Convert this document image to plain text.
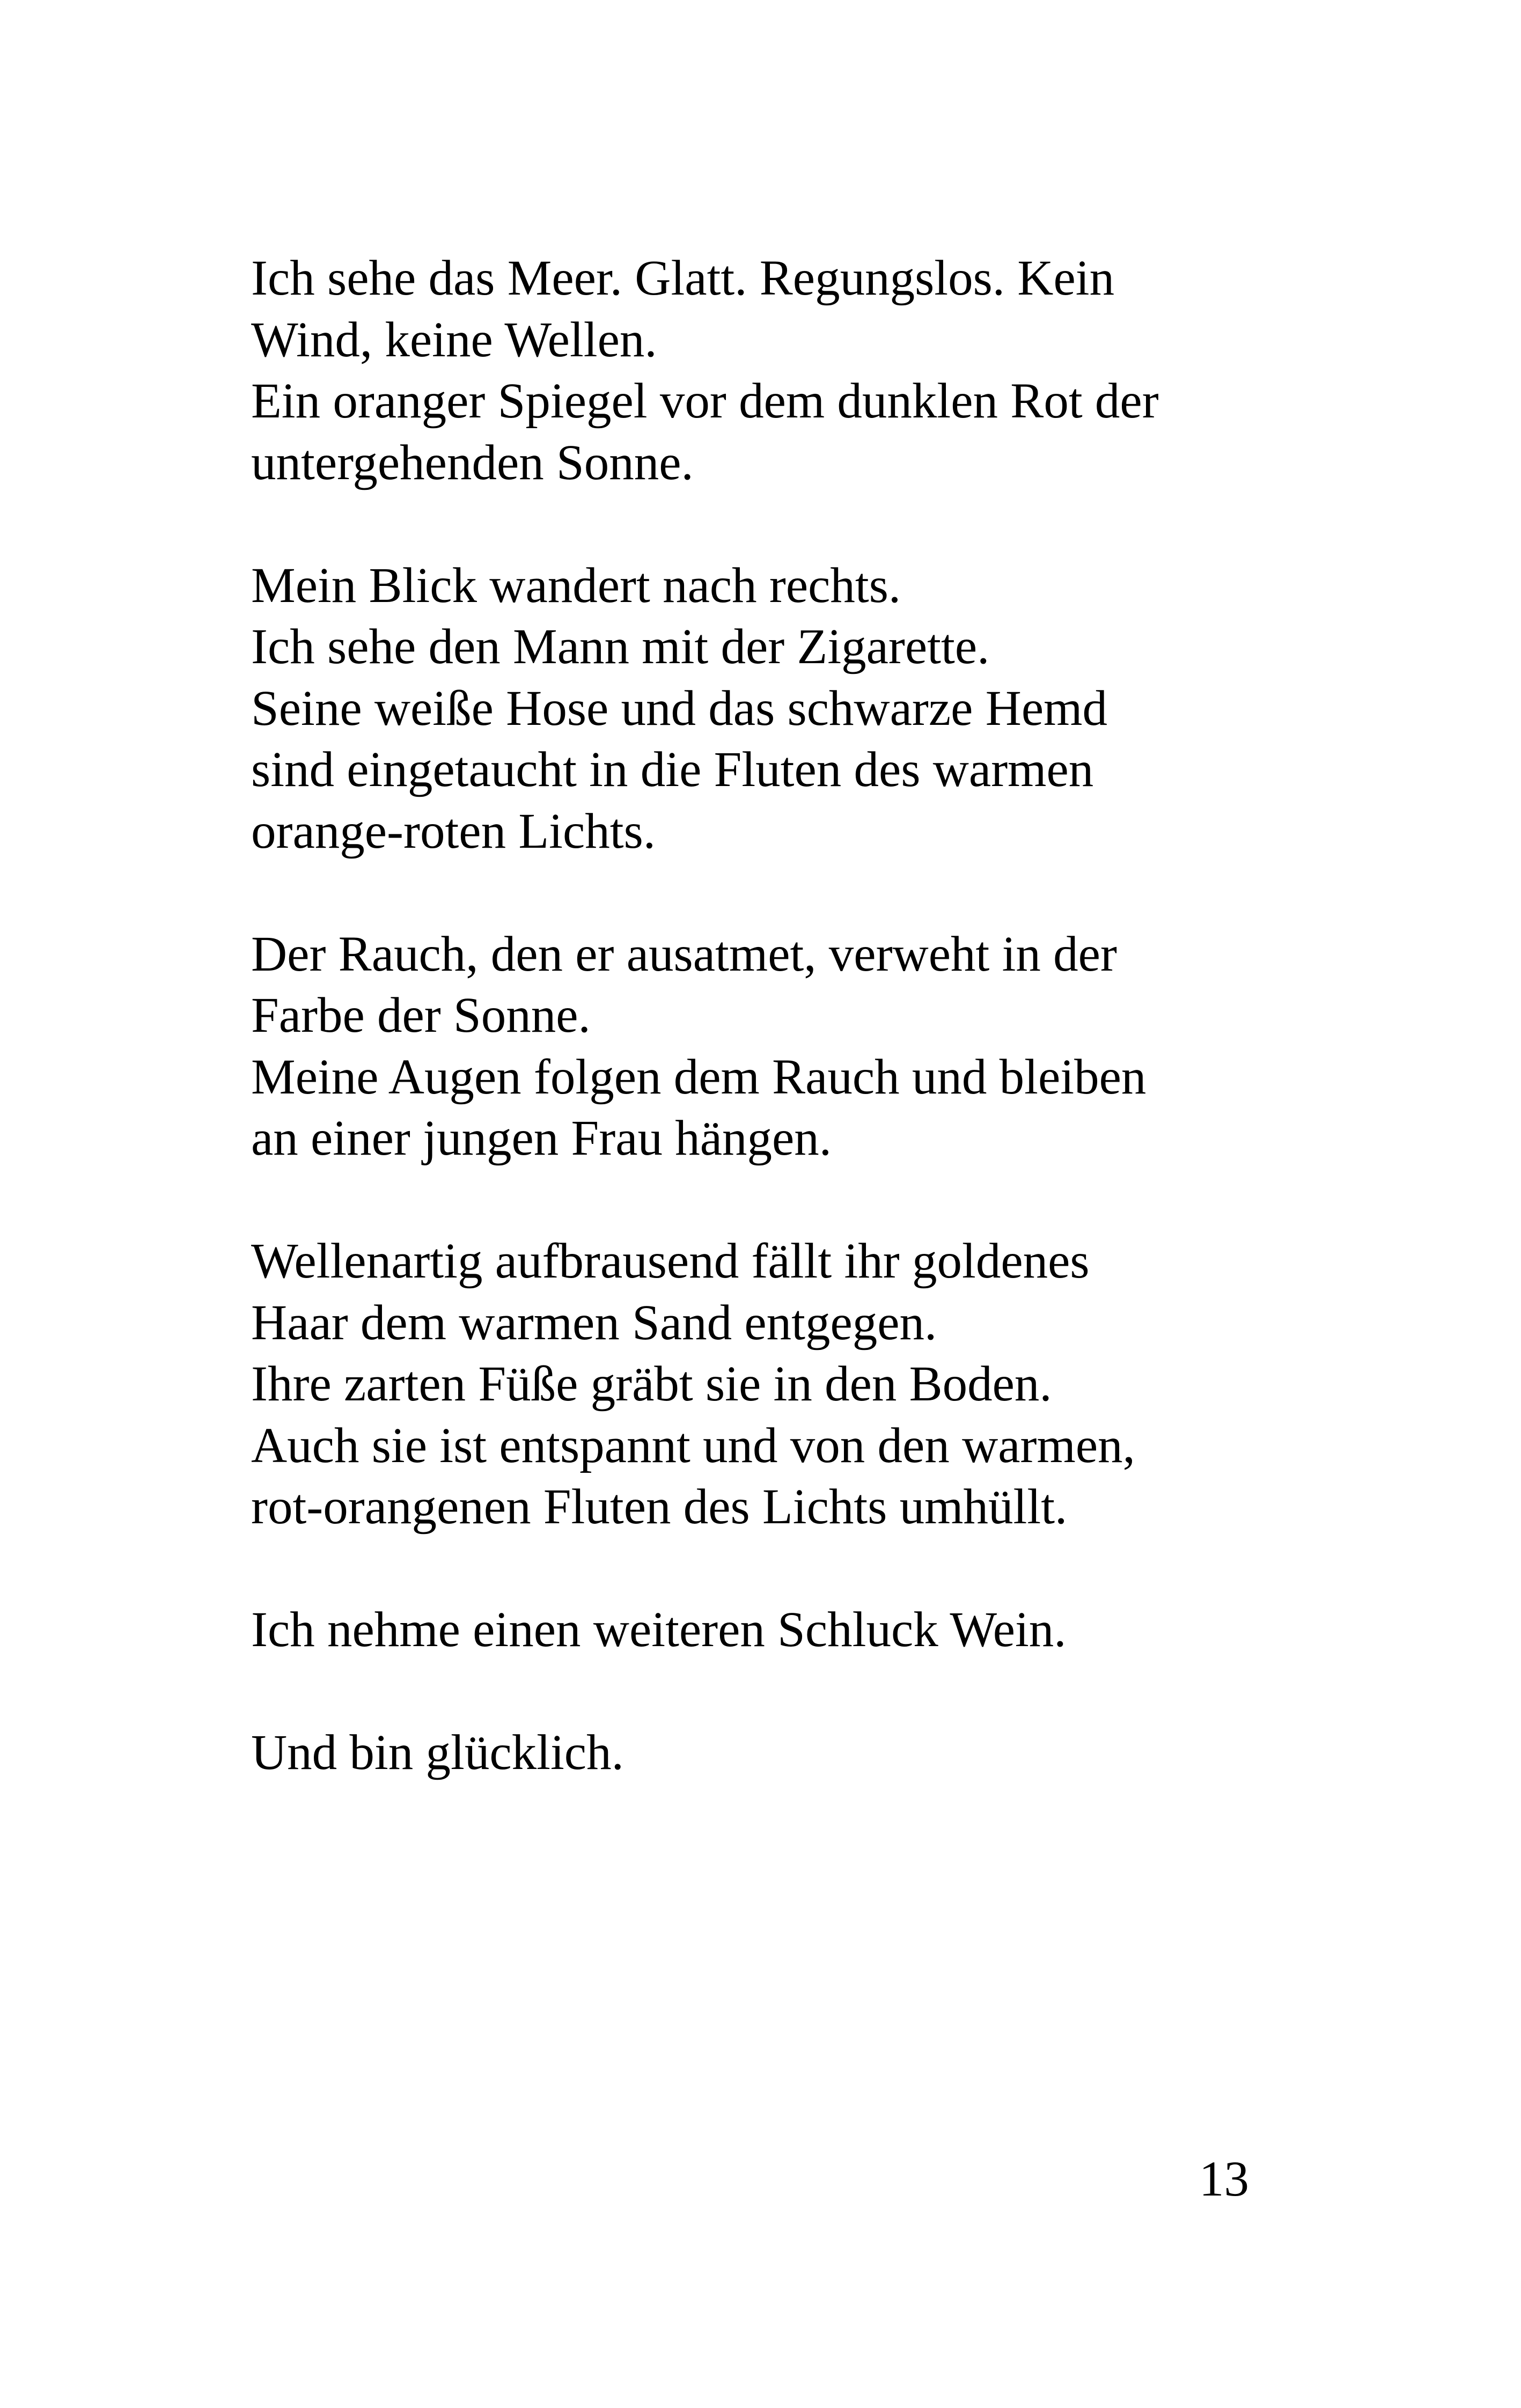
Ich sehe das Meer. Glatt. Regungslos. Kein
Wind, keine Wellen.
Ein oranger Spiegel vor dem dunklen Rot der
untergehenden Sonne.

Mein Blick wandert nach rechts.
Ich sehe den Mann mit der Zigarette.
Seine weiße Hose und das schwarze Hemd
sind eingetaucht in die Fluten des warmen
orange-roten Lichts.

Der Rauch, den er ausatmet, verweht in der
Farbe der Sonne.
Meine Augen folgen dem Rauch und bleiben
an einer jungen Frau hängen.

Wellenartig aufbrausend fällt ihr goldenes
Haar dem warmen Sand entgegen.
Ihre zarten Füße gräbt sie in den Boden.
Auch sie ist entspannt und von den warmen,
rot-orangenen Fluten des Lichts umhüllt.

Ich nehme einen weiteren Schluck Wein.

Und bin glücklich.

13
